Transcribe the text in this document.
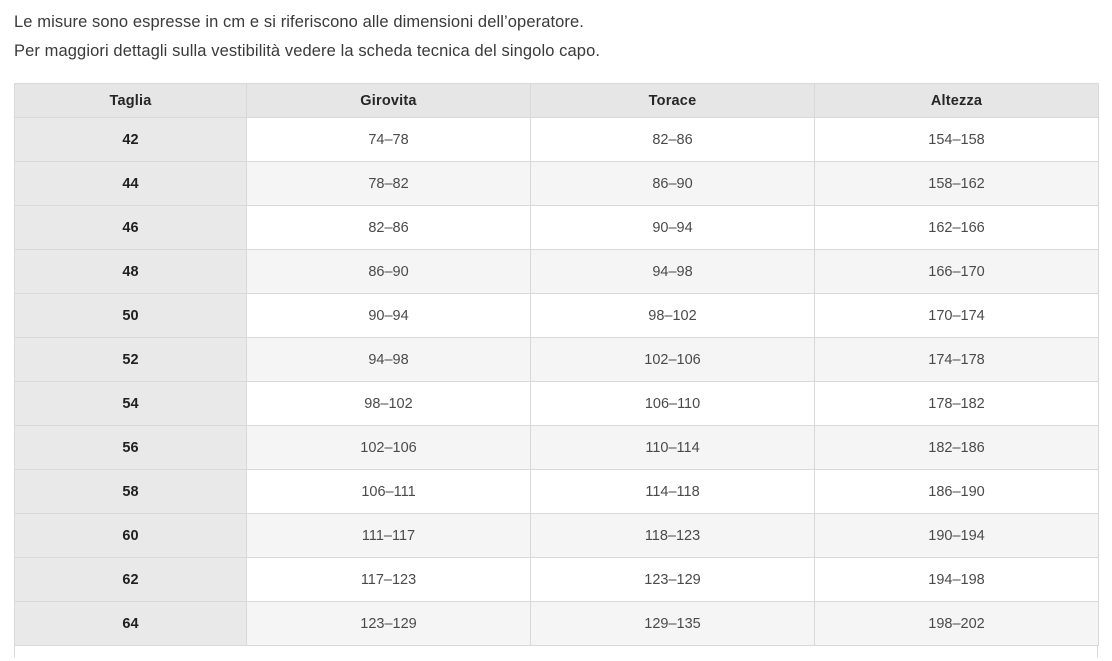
Le misure sono espresse in cm e si riferiscono alle dimensioni dell’operatore.

Per maggiori dettagli sulla vestibilità vedere la scheda tecnica del singolo capo.

Taglia	Girovita	Torace	Altezza
42	74–78	82–86	154–158
44	78–82	86–90	158–162
46	82–86	90–94	162–166
48	86–90	94–98	166–170
50	90–94	98–102	170–174
52	94–98	102–106	174–178
54	98–102	106–110	178–182
56	102–106	110–114	182–186
58	106–111	114–118	186–190
60	111–117	118–123	190–194
62	117–123	123–129	194–198
64	123–129	129–135	198–202
